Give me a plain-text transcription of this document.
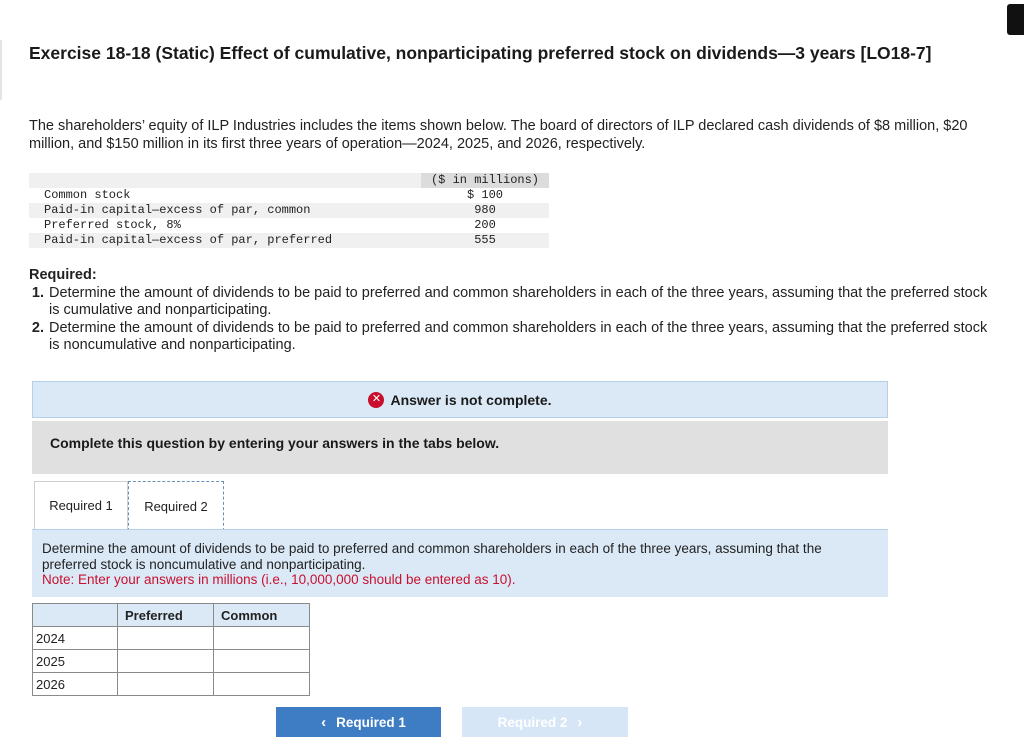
Exercise 18-18 (Static) Effect of cumulative, nonparticipating preferred stock on dividends—3 years [LO18-7]
The shareholders’ equity of ILP Industries includes the items shown below. The board of directors of ILP declared cash dividends of $8 million, $20 million, and $150 million in its first three years of operation—2024, 2025, and 2026, respectively.
($ in millions)
Common stock	$ 100
Paid-in capital—excess of par, common	980
Preferred stock, 8%	200
Paid-in capital—excess of par, preferred	555
Required:
1. Determine the amount of dividends to be paid to preferred and common shareholders in each of the three years, assuming that the preferred stock is cumulative and nonparticipating.
2. Determine the amount of dividends to be paid to preferred and common shareholders in each of the three years, assuming that the preferred stock is noncumulative and nonparticipating.
✕ Answer is not complete.
Complete this question by entering your answers in the tabs below.
Required 1	Required 2
Determine the amount of dividends to be paid to preferred and common shareholders in each of the three years, assuming that the preferred stock is noncumulative and nonparticipating.
Note: Enter your answers in millions (i.e., 10,000,000 should be entered as 10).
	Preferred	Common
2024		
2025		
2026		
‹ Required 1	Required 2 ›
